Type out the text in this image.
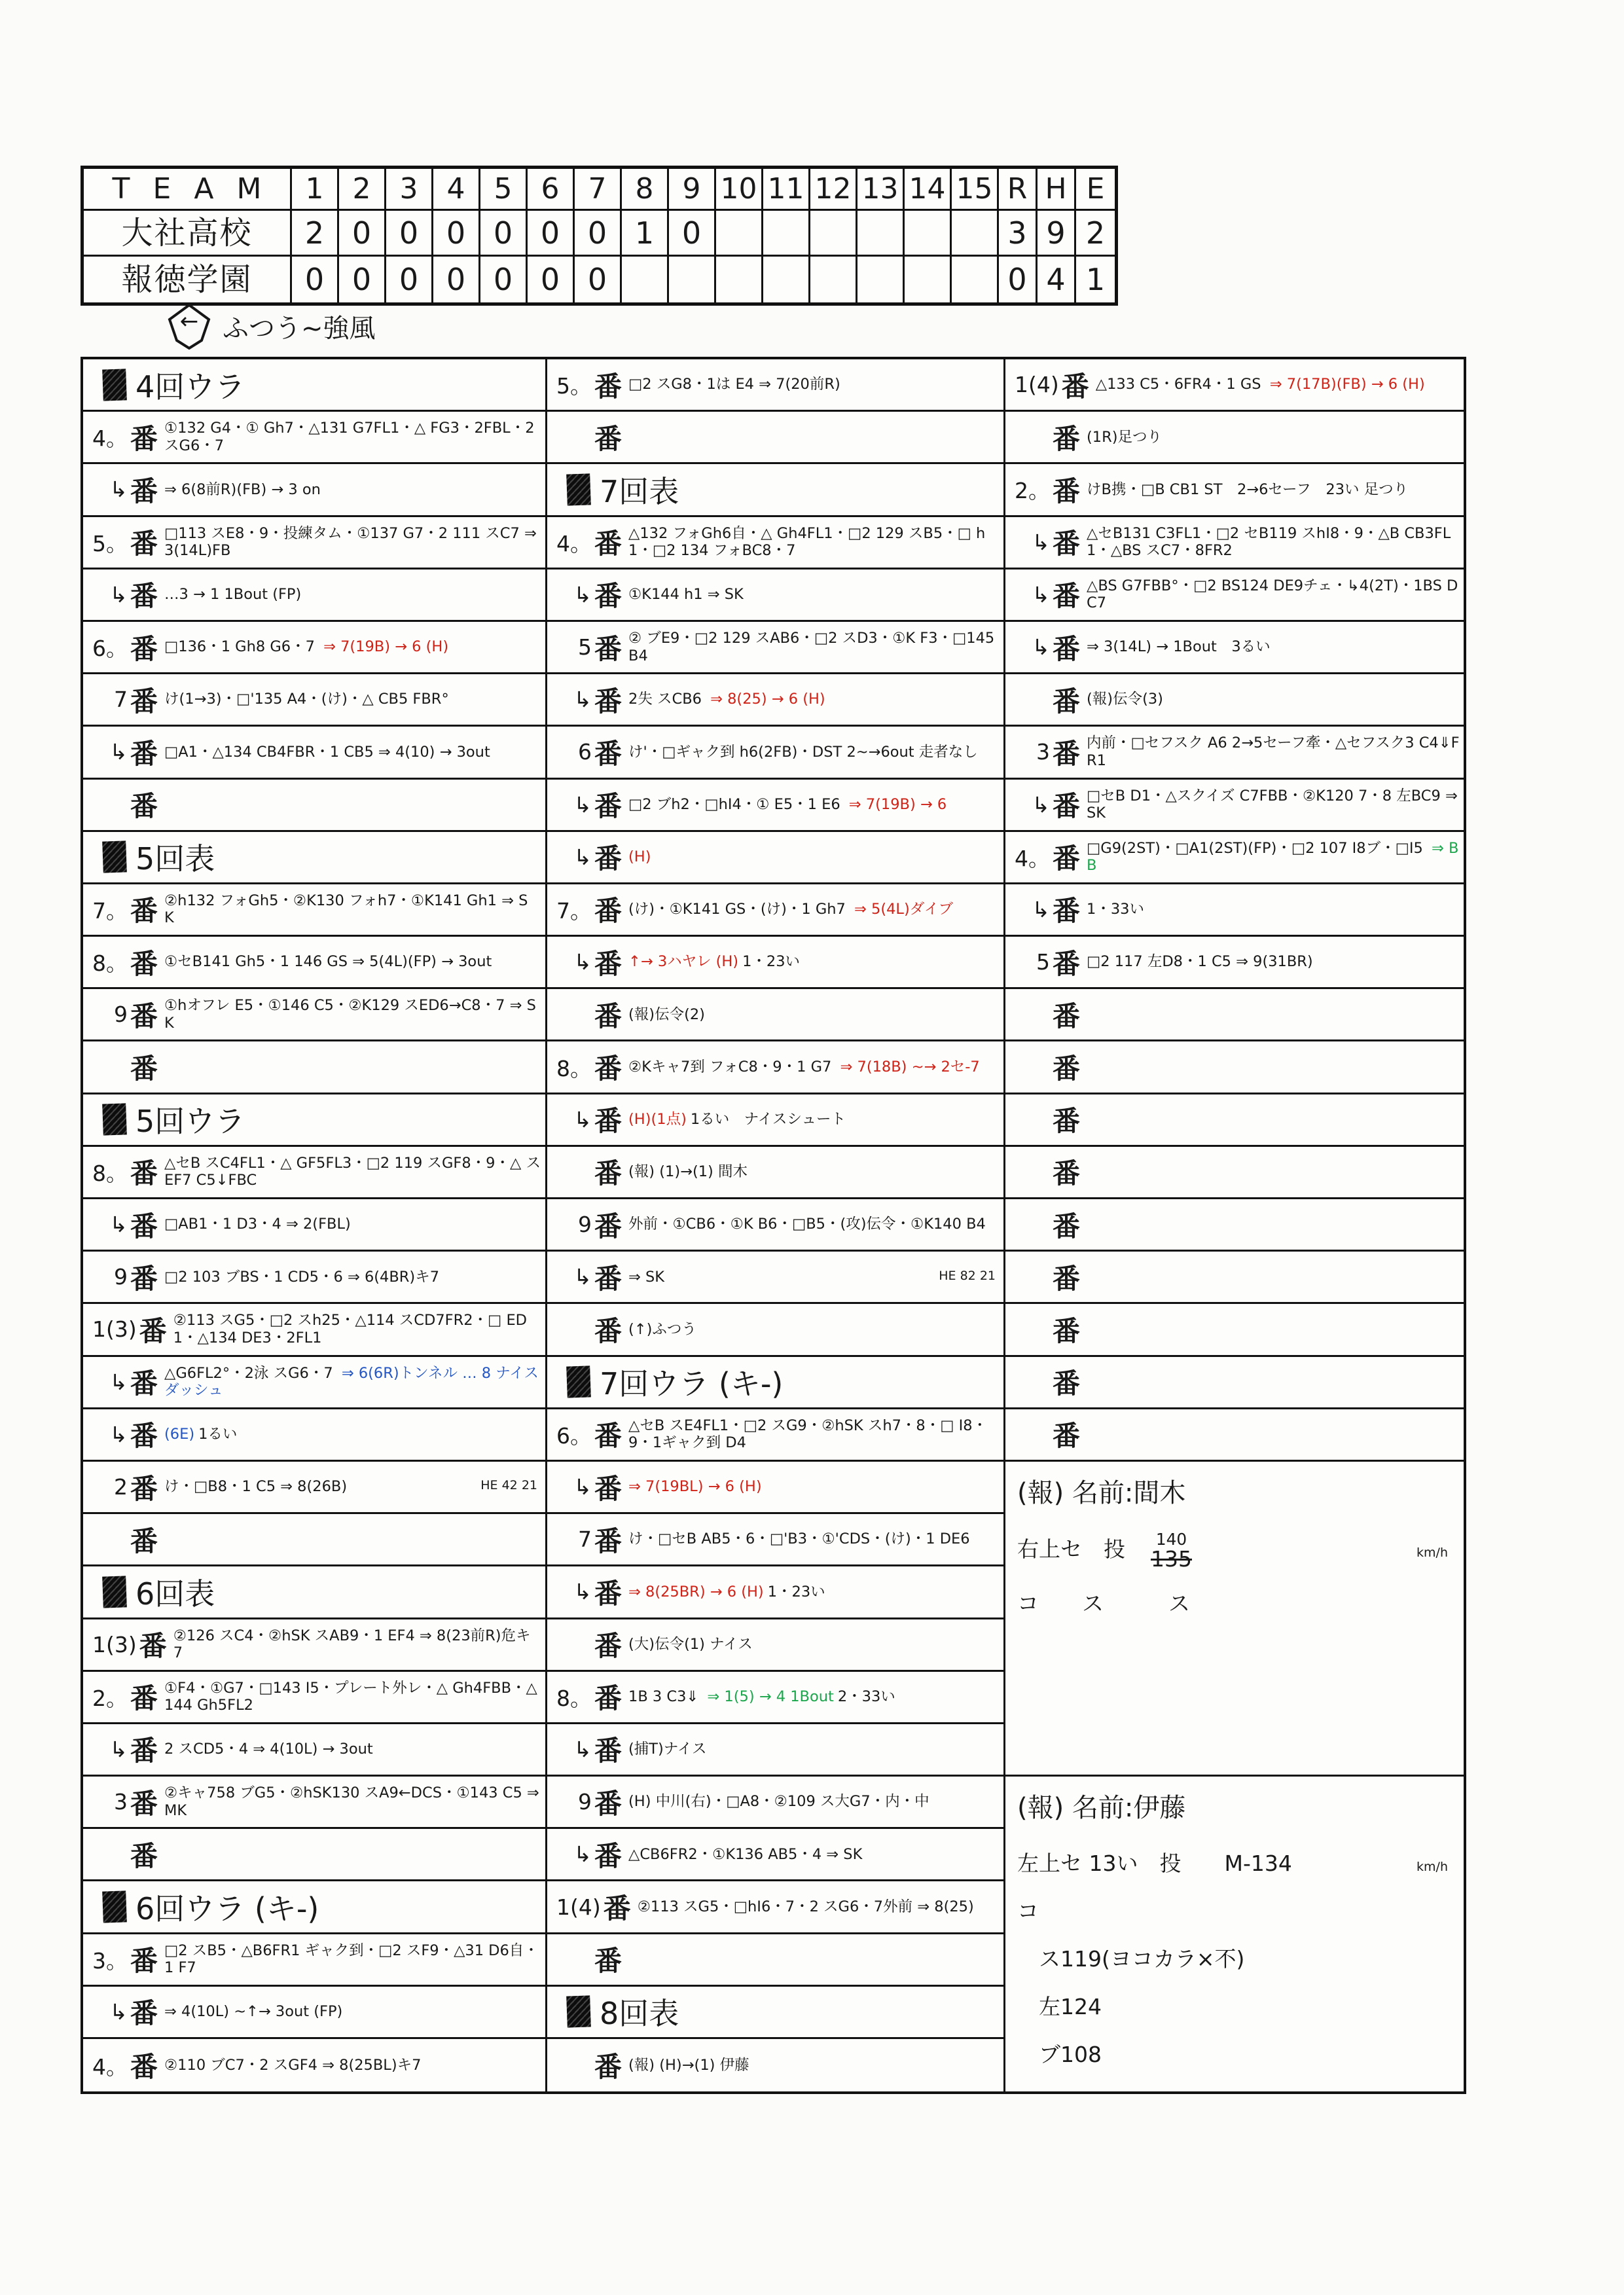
T E A M	1	2	3	4	5	6	7	8	9 10 11 12 13 14 15 R H E
大社高校	2 0 0 0 0 0 0 1 0	3 9 2
報徳学園	0 0 0 0 0 0 0	0 4 1
← ふつう~強風
4回ウラ
4。 番 ①132 G4・① Gh7・△131 G7FL1・△ FG3・2FBL・2 スG6・7
↳ 番 ⇒ 6(8前R)(FB) → 3 on
5。 番 □113 スE8・9・投練タム・①137 G7・2 111 スC7 ⇒ 3(14L)FB
↳ 番 …3 → 1 1Bout (FP)
6。 番 □136・1 Gh8 G6・7 ⇒ 7(19B) → 6 (H)
7 番 け(1→3)・□'135 A4・(け)・△ CB5 FBR°
↳ 番 □A1・△134 CB4FBR・1 CB5 ⇒ 4(10) → 3out
番
5回表
7。 番 ②h132 フォGh5・②K130 フォh7・①K141 Gh1 ⇒ SK
8。 番 ①セB141 Gh5・1 146 GS ⇒ 5(4L)(FP) → 3out
9 番 ①hオフレ E5・①146 C5・②K129 スED6→C8・7 ⇒ SK
番
5回ウラ
8。 番 △セB スC4FL1・△ GF5FL3・□2 119 スGF8・9・△ スEF7 C5↓FBC
↳ 番 □AB1・1 D3・4 ⇒ 2(FBL)
9 番 □2 103 ブBS・1 CD5・6 ⇒ 6(4BR)キ7
1(3) 番 ②113 スG5・□2 スh25・△114 スCD7FR2・□ ED1・△134 DE3・2FL1
↳ 番 △G6FL2°・2泳 スG6・7 ⇒ 6(6R)トンネル … 8 ナイスダッシュ
↳ 番 (6E) 1るい
2 番 け・□B8・1 C5 ⇒ 8(26B)	HE 42 21
番
6回表
1(3) 番 ②126 スC4・②hSK スAB9・1 EF4 ⇒ 8(23前R)危キ7
2。 番 ①F4・①G7・□143 I5・プレート外レ・△ Gh4FBB・△144 Gh5FL2
↳ 番 2 スCD5・4 ⇒ 4(10L) → 3out
3 番 ②キャ758 ブG5・②hSK130 スA9←DCS・①143 C5 ⇒ MK
番
6回ウラ (キ-)
3。 番 □2 スB5・△B6FR1 ギャク到・□2 スF9・△31 D6自・1 F7
↳ 番 ⇒ 4(10L) ~↑→ 3out (FP)
4。 番 ②110 ブC7・2 スGF4 ⇒ 8(25BL)キ7
5。 番 □2 スG8・1は E4 ⇒ 7(20前R)
番
7回表
4。 番 △132 フォGh6自・△ Gh4FL1・□2 129 スB5・□ h1・□2 134 フォBC8・7
↳ 番 ①K144 h1 ⇒ SK
5 番 ② ブE9・□2 129 スAB6・□2 スD3・①K F3・□145 B4
↳ 番 2失 スCB6 ⇒ 8(25) → 6 (H)
6 番 け'・□ギャク到 h6(2FB)・DST 2~→6out 走者なし
↳ 番 □2 ブh2・□hI4・① E5・1 E6 ⇒ 7(19B) → 6
↳ 番 (H)
7。 番 (け)・①K141 GS・(け)・1 Gh7 ⇒ 5(4L)ダイブ
↳ 番 ↑→ 3ハヤレ (H) 1・23い
番 (報)伝令(2)
8。 番 ②Kキャ7到 フォC8・9・1 G7 ⇒ 7(18B) ~→ 2セ-7
↳ 番 (H)(1点) 1るい　ナイスシュート
番 (報) (1)→(1) 間木
9 番 外前・①CB6・①K B6・□B5・(攻)伝令・①K140 B4
↳ 番 ⇒ SK	HE 82 21
番 (↑)ふつう
7回ウラ (キ-)
6。 番 △セB スE4FL1・□2 スG9・②hSK スh7・8・□ I8・9・1ギャク到 D4
↳ 番 ⇒ 7(19BL) → 6 (H)
7 番 け・□セB AB5・6・□'B3・①'CDS・(け)・1 DE6
↳ 番 ⇒ 8(25BR) → 6 (H) 1・23い
番 (大)伝令(1) ナイス
8。 番 1B 3 C3⇓ ⇒ 1(5) → 4 1Bout 2・33い
↳ 番 (捕T)ナイス
9 番 (H) 中川(右)・□A8・②109 ス大G7・内・中
↳ 番 △CB6FR2・①K136 AB5・4 ⇒ SK
1(4) 番 ②113 スG5・□hI6・7・2 スG6・7外前 ⇒ 8(25)
番
8回表
番 (報) (H)→(1) 伊藤
1(4) 番 △133 C5・6FR4・1 GS ⇒ 7(17B)(FB) → 6 (H)
番 (1R)足つり
2。 番 けB携・□B CB1 ST　2→6セーフ　23い 足つり
↳ 番 △セB131 C3FL1・□2 セB119 スhI8・9・△B CB3FL1・△BS スC7・8FR2
↳ 番 △BS G7FBB°・□2 BS124 DE9チェ・↳4(2T)・1BS DC7
↳ 番 ⇒ 3(14L) → 1Bout　3るい
番 (報)伝令(3)
3 番 内前・□セフスク A6 2→5セーフ牽・△セフスク3 C4⇓FR1
↳ 番 □セB D1・△スクイズ C7FBB・②K120 7・8 左BC9 ⇒ SK
4。 番 □G9(2ST)・□A1(2ST)(FP)・□2 107 I8ブ・□I5 ⇒ BB
↳ 番 1・33い
5 番 □2 117 左D8・1 C5 ⇒ 9(31BR)
番
番
番
番
番
番
番
番
番
(報) 名前:間木
右上セ　投　 140
135	km/h
コ　　ス　　　ス
(報) 名前:伊藤
左上セ 13い　投　　M-134	km/h
コ
　ス119(ヨコカラ×不)
　左124
　ブ108
